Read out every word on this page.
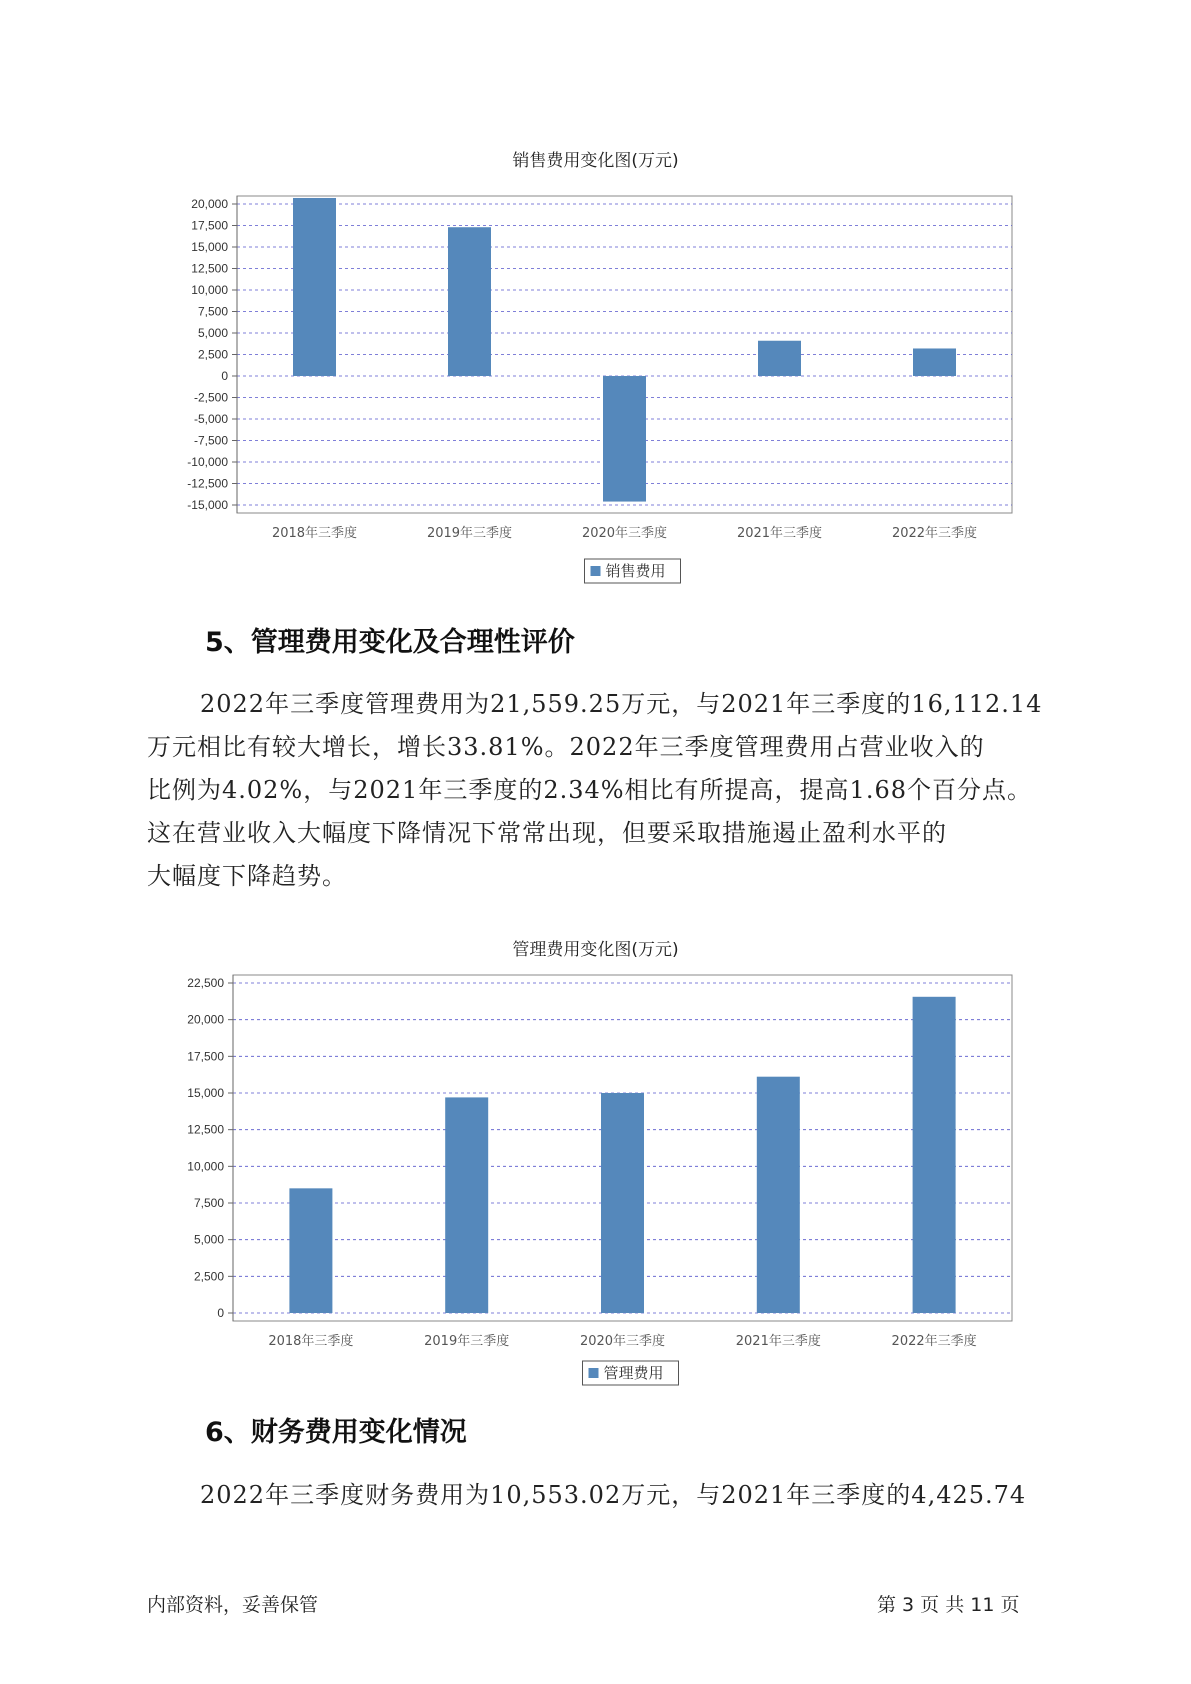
销售费用变化图(万元)
20,000
17,500
15,000
12,500
10,000
7,500
5,000
2,500
0
-2,500
-5,000
-7,500
-10,000
-12,500
-15,000
2018年三季度	2019年三季度	2020年三季度	2021年三季度	2022年三季度
销售费用
5、管理费用变化及合理性评价
2022年三季度管理费用为21,559.25万元，与2021年三季度的16,112.14
万元相比有较大增长，增长33.81%。2022年三季度管理费用占营业收入的
比例为4.02%，与2021年三季度的2.34%相比有所提高，提高1.68个百分点。
这在营业收入大幅度下降情况下常常出现，但要采取措施遏止盈利水平的
大幅度下降趋势。
管理费用变化图(万元)
22,500
20,000
17,500
15,000
12,500
10,000
7,500
5,000
2,500
0
2018年三季度	2019年三季度	2020年三季度	2021年三季度	2022年三季度
管理费用
6、财务费用变化情况
2022年三季度财务费用为10,553.02万元，与2021年三季度的4,425.74
内部资料，妥善保管	第 3 页 共 11 页
